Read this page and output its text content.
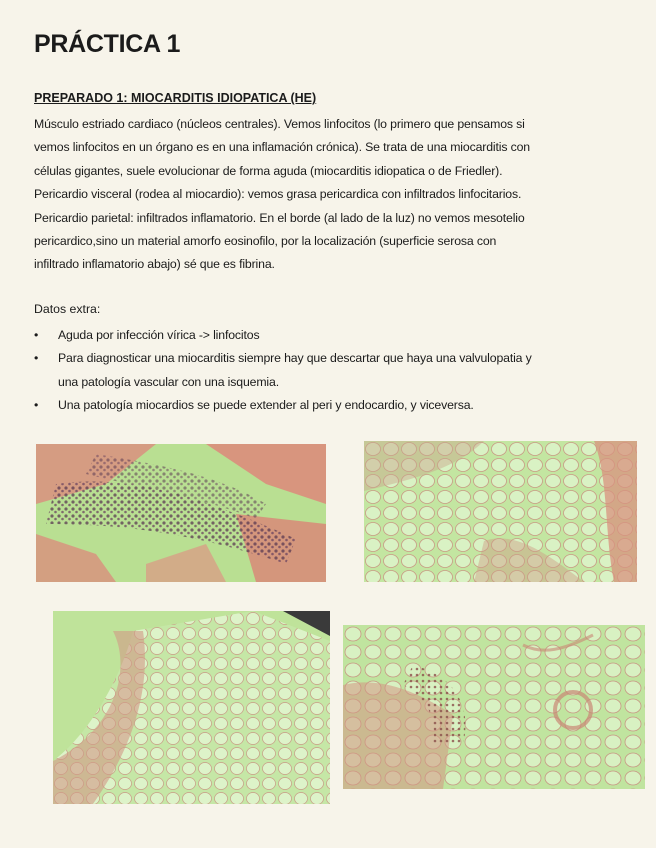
PRÁCTICA 1
PREPARADO 1: MIOCARDITIS IDIOPATICA (HE)
Músculo estriado cardiaco (núcleos centrales). Vemos linfocitos (lo primero que pensamos si
vemos linfocitos en un órgano es en una inflamación crónica). Se trata de una miocarditis con
células gigantes, suele evolucionar de forma aguda (miocarditis idiopatica o de Friedler).
Pericardio visceral (rodea al miocardio): vemos grasa pericardica con infiltrados linfocitarios.
Pericardio parietal: infiltrados inflamatorio. En el borde (al lado de la luz) no vemos mesotelio
pericardico,sino un material amorfo eosinofilo, por la localización (superficie serosa con
infiltrado inflamatorio abajo) sé que es fibrina.
Datos extra:
• Aguda por infección vírica -> linfocitos
• Para diagnosticar una miocarditis siempre hay que descartar que haya una valvulopatia y
una patología vascular con una isquemia.
• Una patología miocardios se puede extender al peri y endocardio, y viceversa.
